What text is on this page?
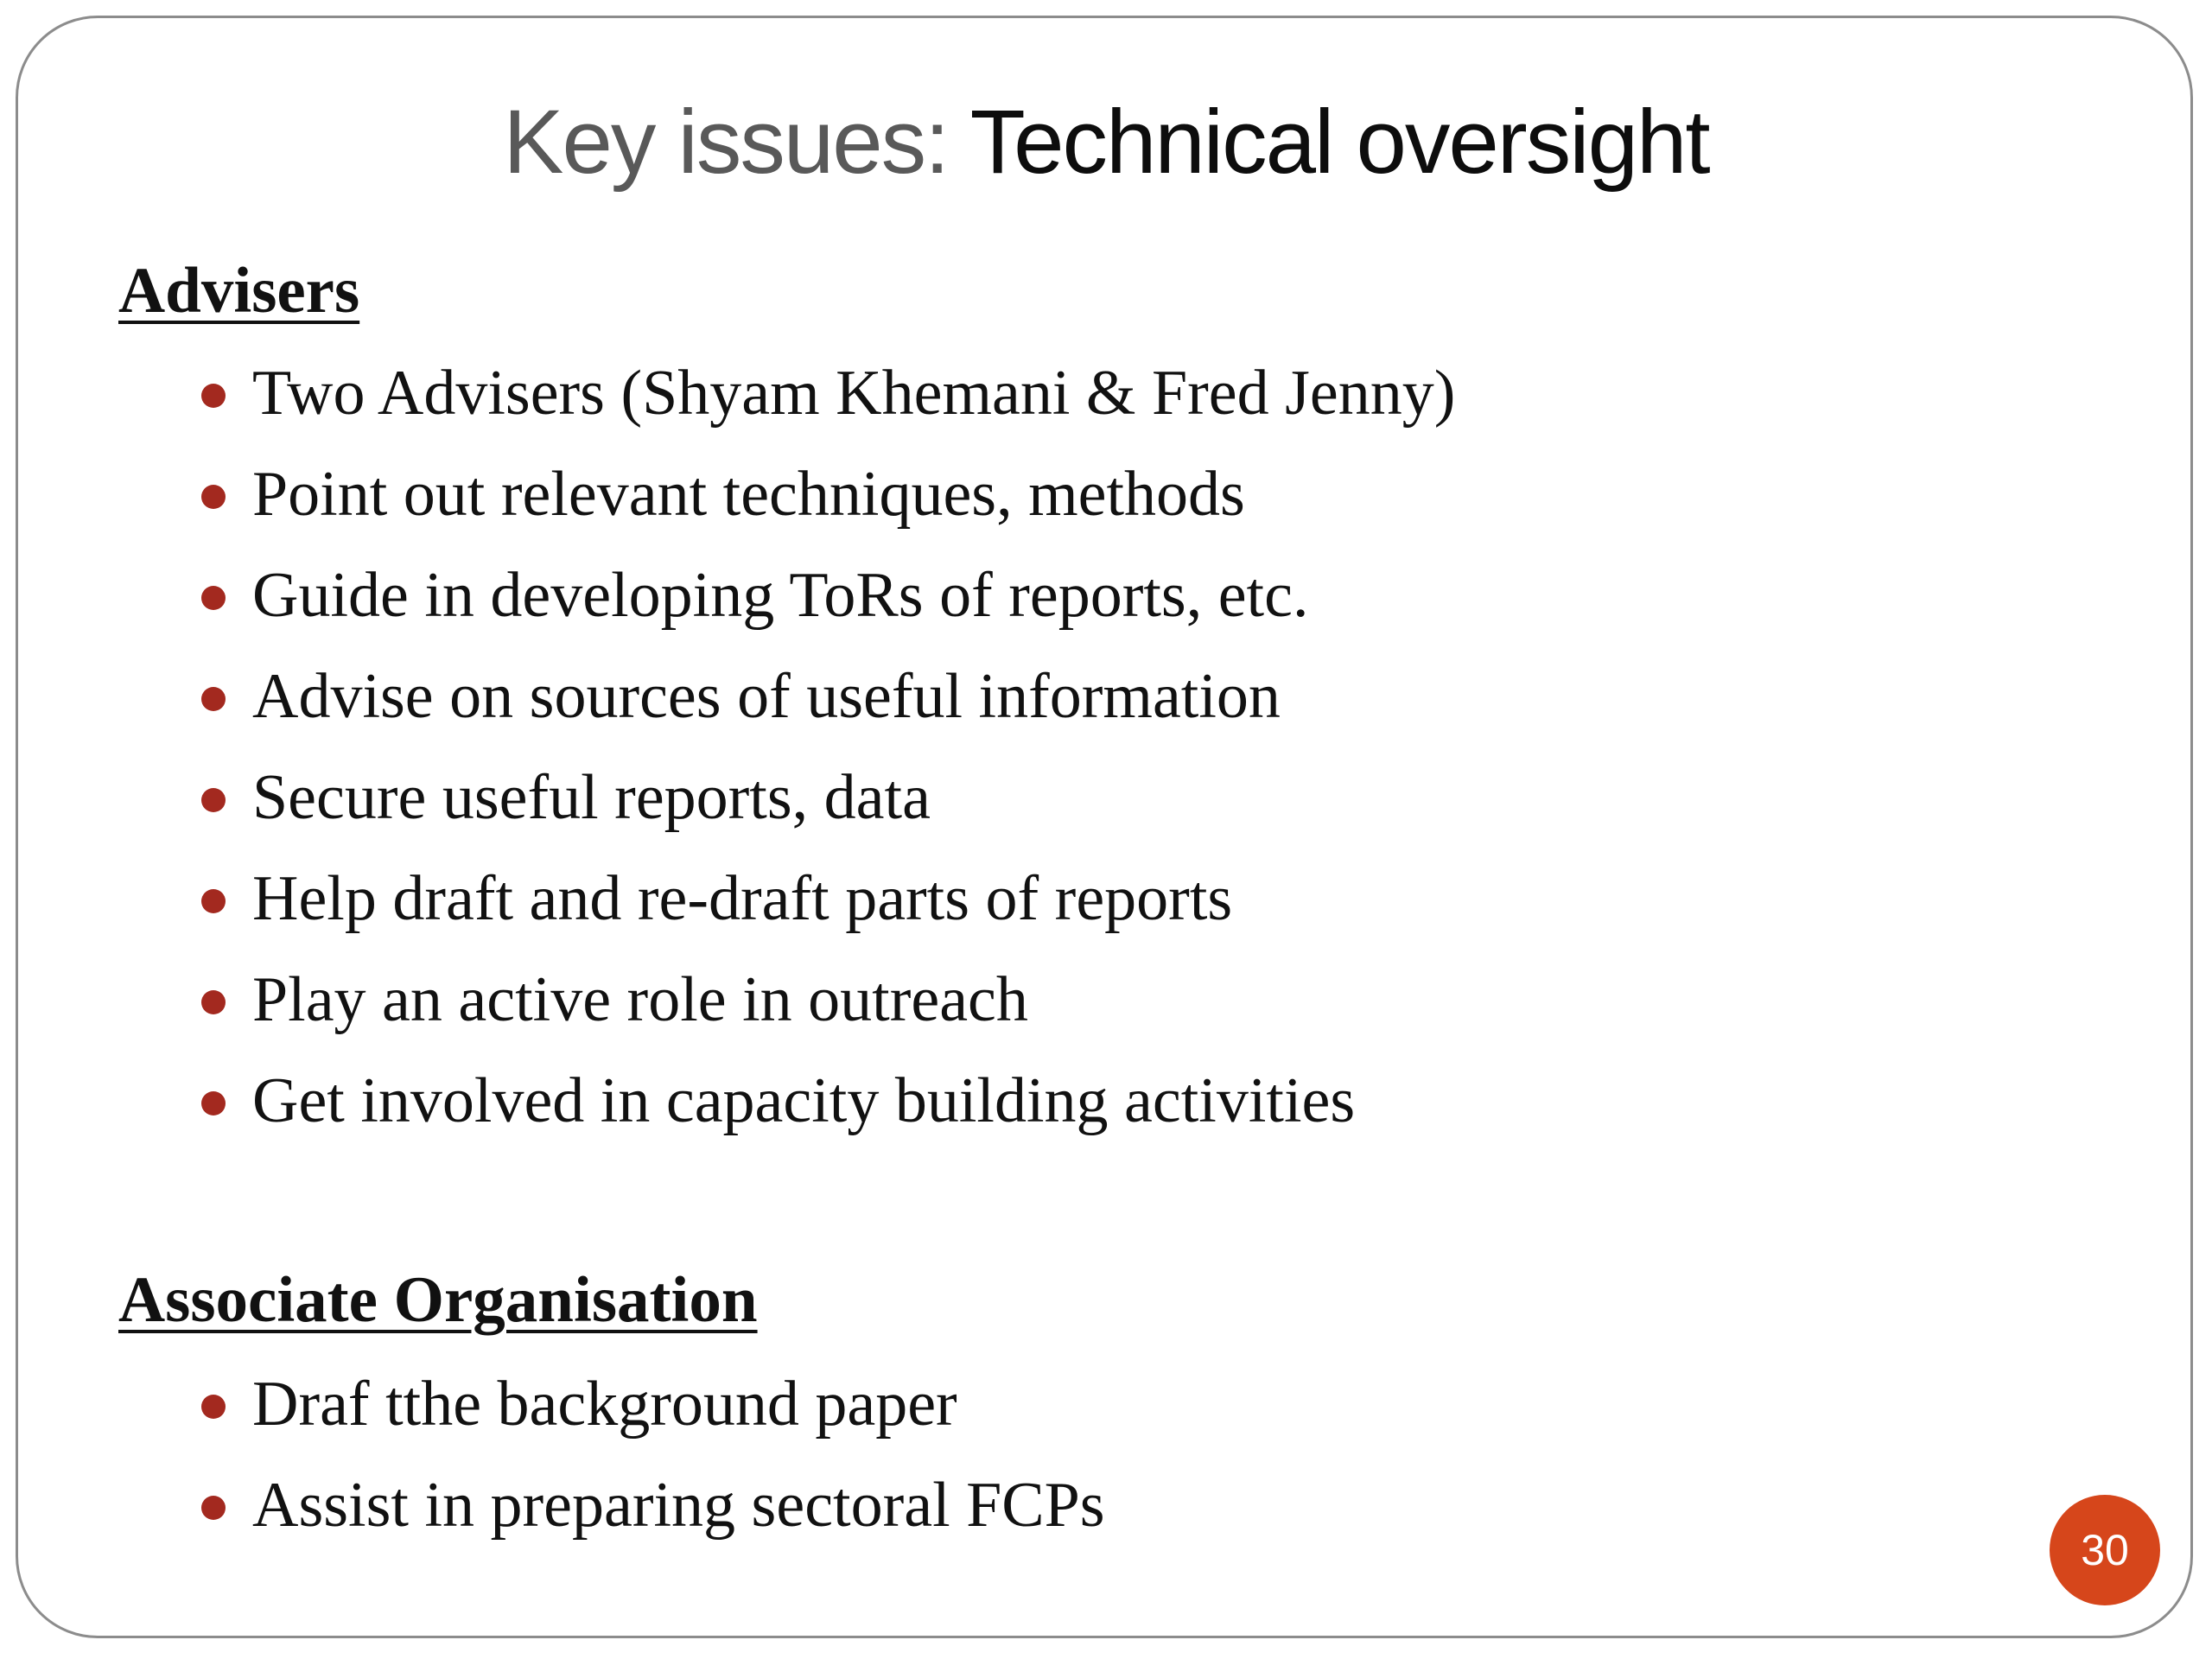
Key issues: Technical oversight
Advisers
Two Advisers (Shyam Khemani & Fred Jenny)
Point out relevant techniques, methods
Guide in developing ToRs of reports, etc.
Advise on sources of useful information
Secure useful reports, data
Help draft and re-draft parts of reports
Play an active role in outreach
Get involved in capacity building activities
Associate Organisation
Draf tthe background paper
Assist in preparing sectoral FCPs
30
